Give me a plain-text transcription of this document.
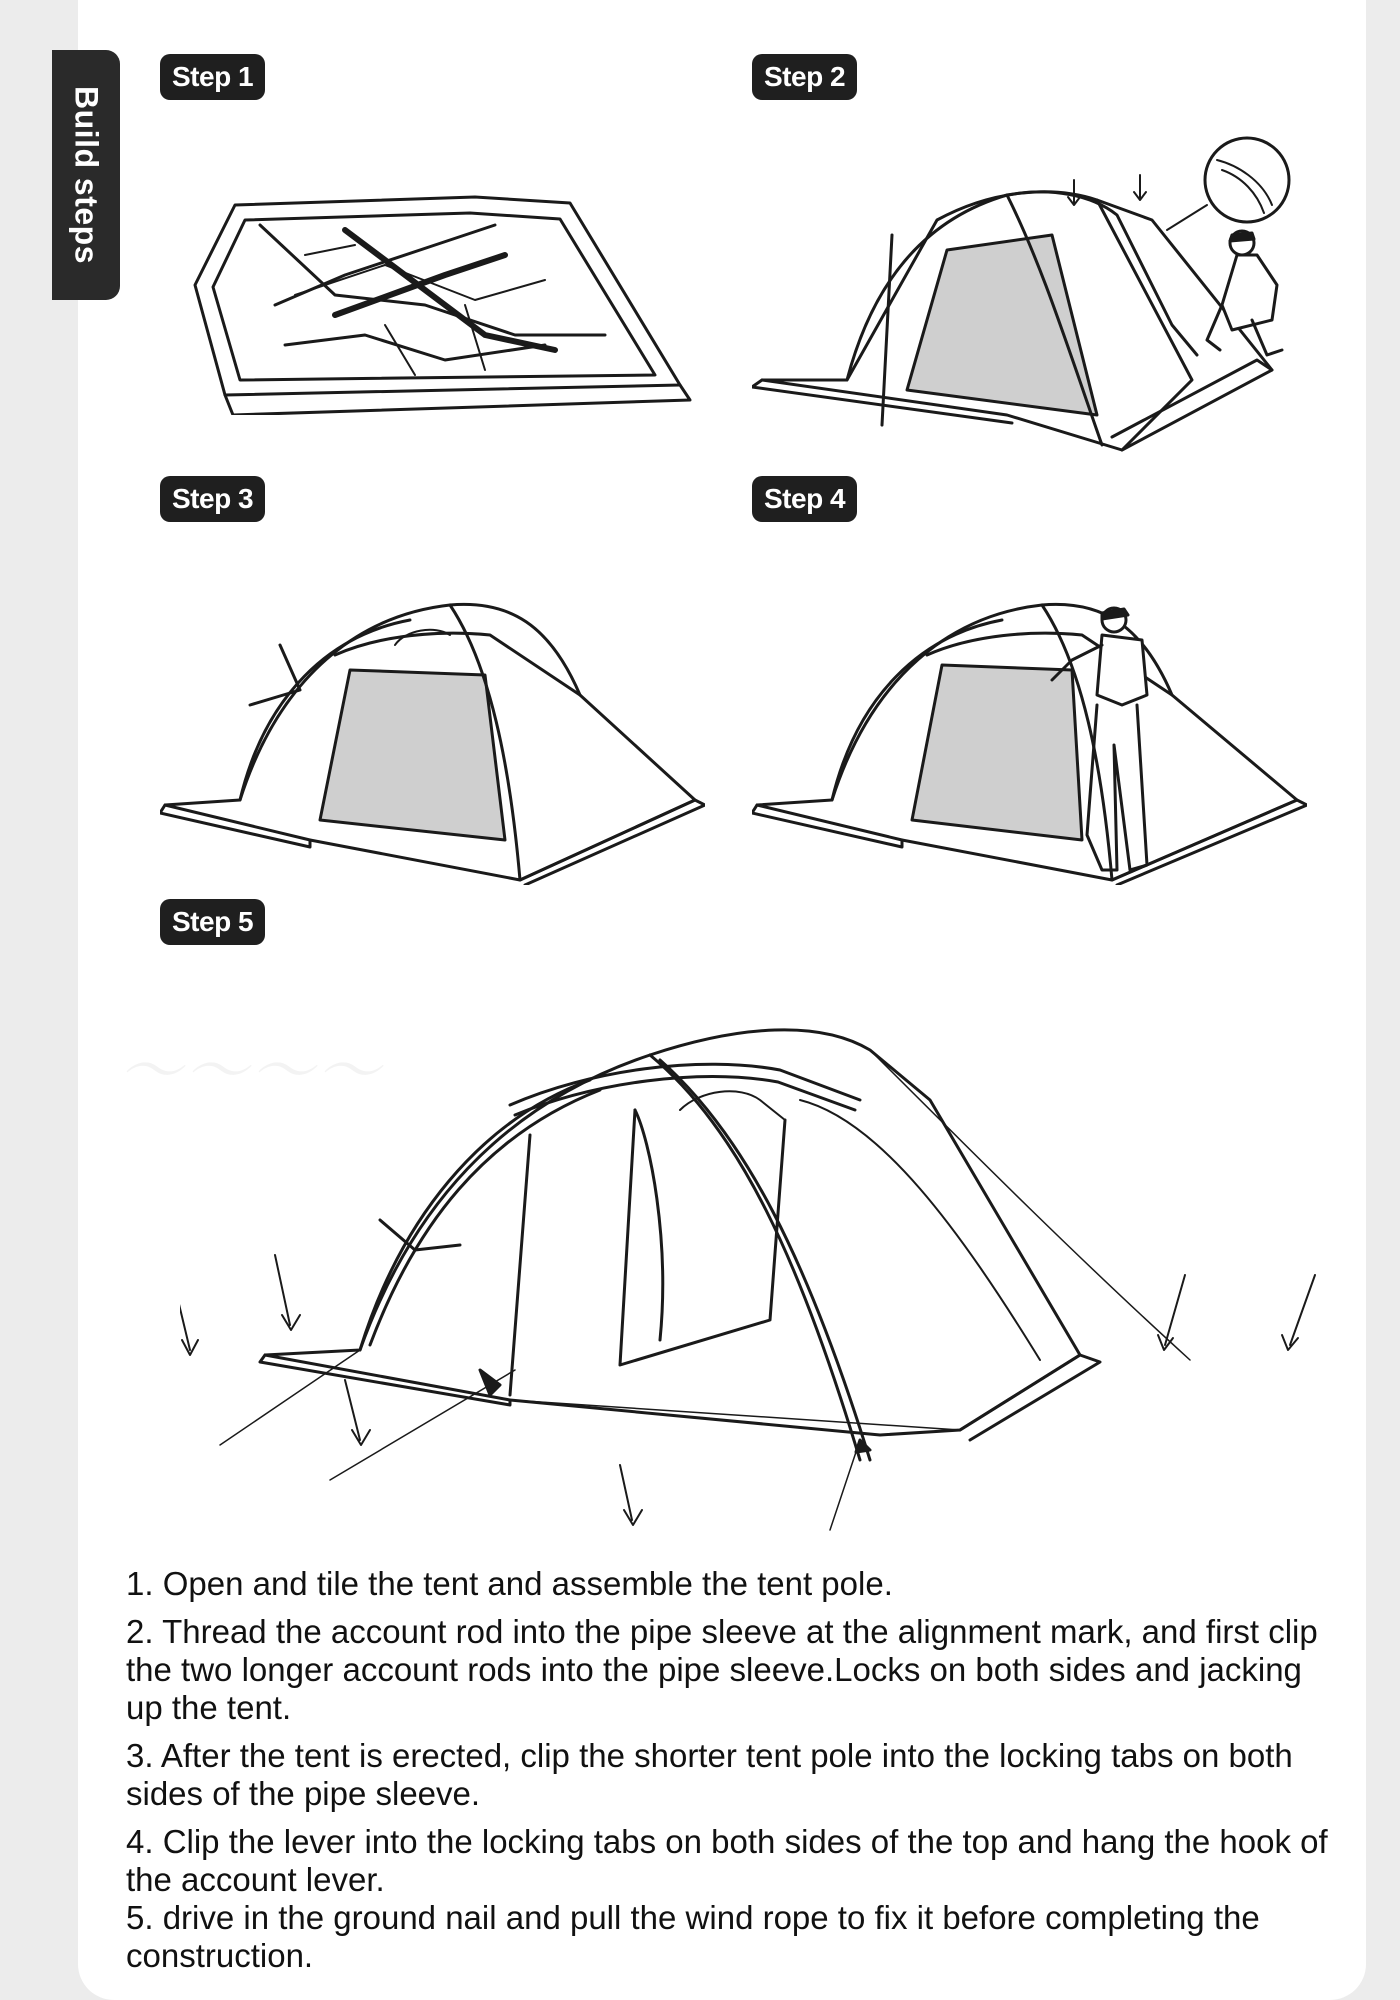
～～～～
Build steps
Step 1	Step 2
Step 3	Step 4
Step 5

1. Open and tile the tent and assemble the tent pole.

2. Thread the account rod into the pipe sleeve at the alignment mark, and first clip the two longer account rods into the pipe sleeve.Locks on both sides and jacking up the tent.

3. After the tent is erected, clip the shorter tent pole into the locking tabs on both sides of the pipe sleeve.

4. Clip the lever into the locking tabs on both sides of the top and hang the hook of the account lever.

5. drive in the ground nail and pull the wind rope to fix it before completing the construction.
